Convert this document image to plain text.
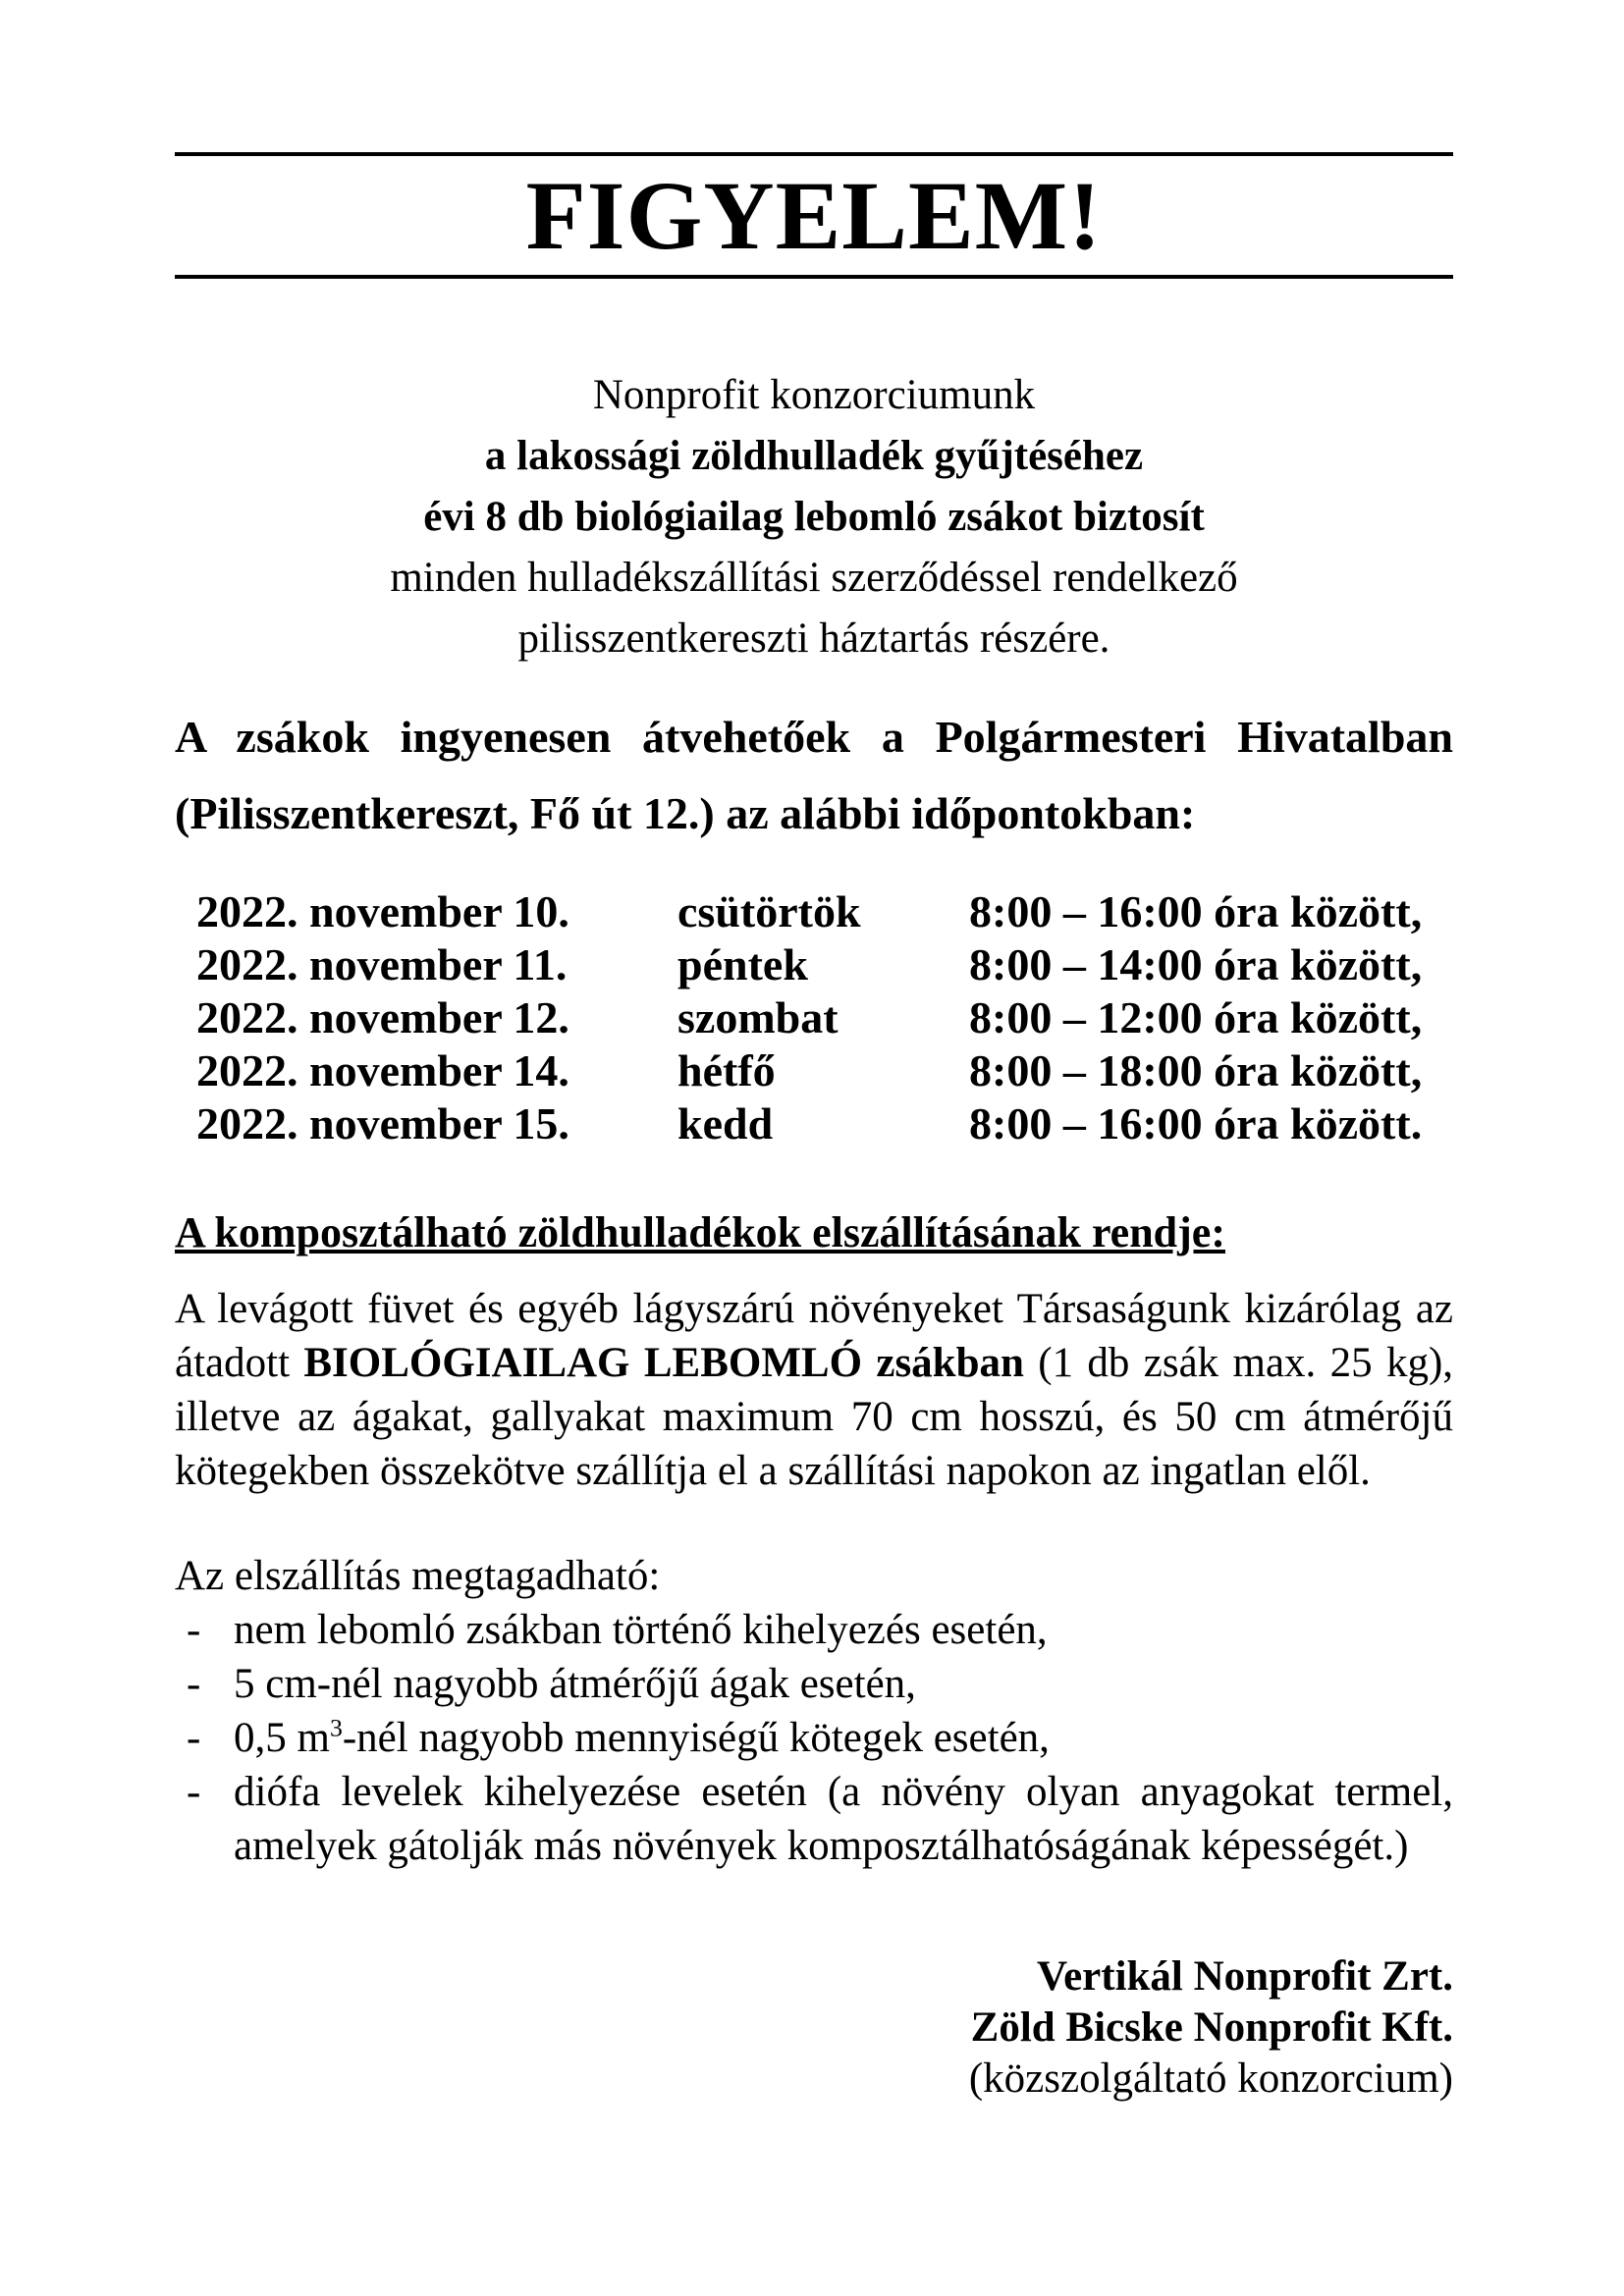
FIGYELEM!
Nonprofit konzorciumunk
a lakossági zöldhulladék gyűjtéséhez
évi 8 db biológiailag lebomló zsákot biztosít
minden hulladékszállítási szerződéssel rendelkező
pilisszentkereszti háztartás részére.
A zsákok ingyenesen átvehetőek a Polgármesteri Hivatalban
(Pilisszentkereszt, Fő út 12.) az alábbi időpontokban:
2022. november 10.	csütörtök	8:00 – 16:00 óra között,
2022. november 11.	péntek	8:00 – 14:00 óra között,
2022. november 12.	szombat	8:00 – 12:00 óra között,
2022. november 14.	hétfő	8:00 – 18:00 óra között,
2022. november 15.	kedd	8:00 – 16:00 óra között.
A komposztálható zöldhulladékok elszállításának rendje:
A levágott füvet és egyéb lágyszárú növényeket Társaságunk kizárólag az
átadott BIOLÓGIAILAG LEBOMLÓ zsákban (1 db zsák max. 25 kg),
illetve az ágakat, gallyakat maximum 70 cm hosszú, és 50 cm átmérőjű
kötegekben összekötve szállítja el a szállítási napokon az ingatlan elől.
Az elszállítás megtagadható:
- nem lebomló zsákban történő kihelyezés esetén,
- 5 cm-nél nagyobb átmérőjű ágak esetén,
- 0,5 $m^3$-nél nagyobb mennyiségű kötegek esetén,
- diófa levelek kihelyezése esetén (a növény olyan anyagokat termel,
amelyek gátolják más növények komposztálhatóságának képességét.)
Vertikál Nonprofit Zrt.
Zöld Bicske Nonprofit Kft.
(közszolgáltató konzorcium)
